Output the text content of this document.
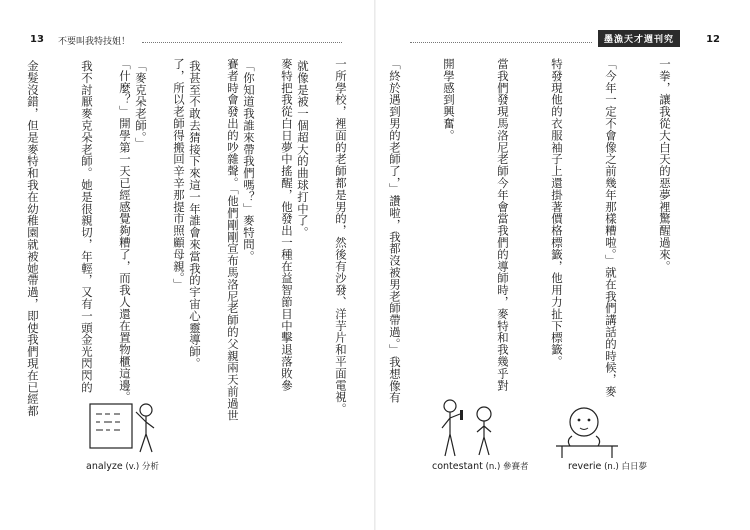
13 不要叫我特技姐！	墨漁天才週刊究	12

就像是被一個超大的曲球打中了。

「你知道我誰來帶我們嗎？」麥特問。

我甚至不敢去猜接下來這一年誰會來當我的宇宙心靈導師。

「麥克朵老師。」

我不討厭麥克朵老師。她是很親切，年輕，又有一頭金光閃閃的

金髮沒錯，但是麥特和我在幼稚園就被她帶過，即使我們現在已經都

	一拳，讓我從大白天的惡夢裡驚醒過來。

「今年一定不會像之前幾年那樣糟啦。」就在我們講話的時候，麥

特發現他的衣服袖子上還掛著價格標籤，他用力扯下標籤。

當我們發現馬洛尼老師今年會當我們的導師時，麥特和我幾乎對

開學感到興奮。

「終於遇到男的老師了，」讚啦，我都沒被男老師帶過。」我想像有

一所學校，裡面的老師都是男的，然後有沙發、洋芋片和平面電視。

麥特把我從白日夢中搖醒，他發出一種在益智節目中擊退落敗參

賽者時會發出的吵雜聲。「他們剛剛宣布馬洛尼老師的父親兩天前過世

了，所以老師得搬回辛辛那提市照顧母親。」

「什麼？」開學第一天已經感覺夠糟了，而我人還在置物櫃這邊。

analyze (v.) 分析	contestant (n.) 參賽者	reverie (n.) 白日夢
